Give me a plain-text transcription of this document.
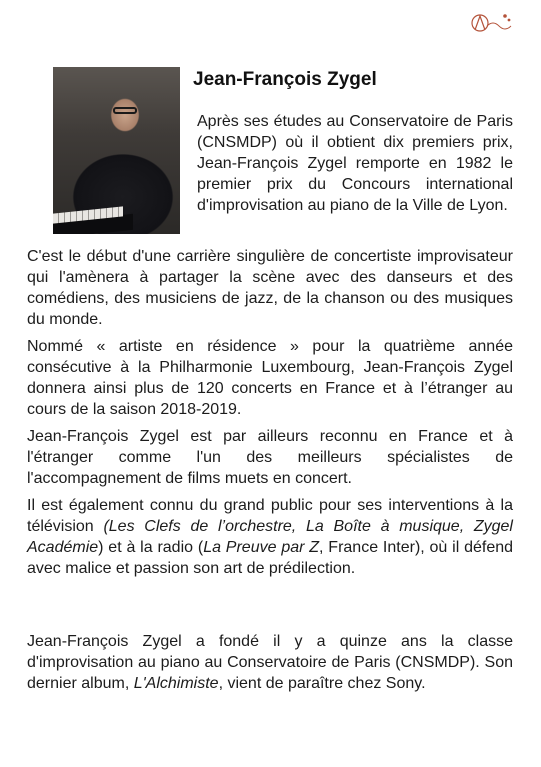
Jean-François Zygel
Après ses études au Conservatoire de Paris (CNSMDP) où il obtient dix premiers prix, Jean-François Zygel remporte en 1982 le premier prix du Concours international d'improvisation au piano de la Ville de Lyon.
C'est le début d'une carrière singulière de concertiste improvisateur qui l'amènera à partager la scène avec des danseurs et des comédiens, des musiciens de jazz, de la chanson ou des musiques du monde.
Nommé « artiste en résidence » pour la quatrième année consécutive à la Philharmonie Luxembourg, Jean-François Zygel donnera ainsi plus de 120 concerts en France et à l’étranger au cours de la saison 2018-2019.
Jean-François Zygel est par ailleurs reconnu en France et à l'étranger comme l'un des meilleurs spécialistes de l'accompagnement de films muets en concert.
Il est également connu du grand public pour ses interventions à la télévision (Les Clefs de l’orchestre, La Boîte à musique, Zygel Académie) et à la radio (La Preuve par Z, France Inter), où il défend avec malice et passion son art de prédilection.
Jean-François Zygel a fondé il y a quinze ans la classe d'improvisation au piano au Conservatoire de Paris (CNSMDP). Son dernier album, L'Alchimiste, vient de paraître chez Sony.
